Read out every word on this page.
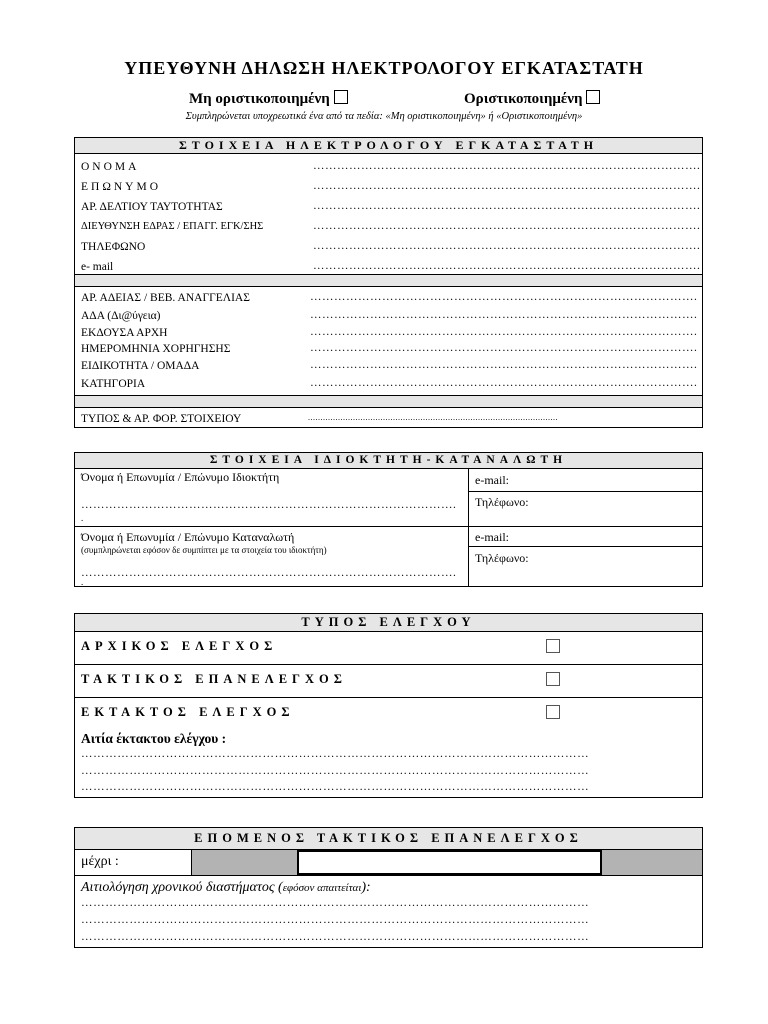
ΥΠΕΥΘΥΝΗ ΔΗΛΩΣΗ ΗΛΕΚΤΡΟΛΟΓΟΥ ΕΓΚΑΤΑΣΤΑΤΗ
Μη οριστικοποιημένη	Οριστικοποιημένη
Συμπληρώνεται υποχρεωτικά ένα από τα πεδία: «Μη οριστικοποιημένη» ή «Οριστικοποιημένη»
ΣΤΟΙΧΕΙΑ ΗΛΕΚΤΡΟΛΟΓΟΥ ΕΓΚΑΤΑΣΤΑΤΗ
ΟΝΟΜΑ	…………………………………………………………………………………….
ΕΠΩΝΥΜΟ	…………………………………………………………………………………….
ΑΡ. ΔΕΛΤΙΟΥ ΤΑΥΤΟΤΗΤΑΣ	…………………………………………………………………………………….
ΔΙΕΥΘΥΝΣΗ ΕΔΡΑΣ / ΕΠΑΓΓ. ΕΓΚ/ΣΗΣ	…………………………………………………………………………………….
ΤΗΛΕΦΩΝΟ	…………………………………………………………………………………….
e- mail	…………………………………………………………………………………….
ΑΡ. ΑΔΕΙΑΣ / ΒΕΒ. ΑΝΑΓΓΕΛΙΑΣ	…………………………………………………………………………………….
ΑΔΑ (Δι@ύγεια)	…………………………………………………………………………………….
ΕΚΔΟΥΣΑ ΑΡΧΗ	…………………………………………………………………………………….
ΗΜΕΡΟΜΗΝΙΑ ΧΟΡΗΓΗΣΗΣ	…………………………………………………………………………………….
ΕΙΔΙΚΟΤΗΤΑ / ΟΜΑΔΑ	…………………………………………………………………………………….
ΚΑΤΗΓΟΡΙΑ	…………………………………………………………………………………….
ΤΥΠΟΣ & ΑΡ. ΦΟΡ. ΣΤΟΙΧΕΙΟΥ	....................................................................................................
ΣΤΟΙΧΕΙΑ ΙΔΙΟΚΤΗΤΗ-ΚΑΤΑΝΑΛΩΤΗ
Όνομα ή Επωνυμία / Επώνυμο Ιδιοκτήτη
………………………………………………………………………………….
.
e-mail:
Τηλέφωνο:
Όνομα ή Επωνυμία / Επώνυμο Καταναλωτή
(συμπληρώνεται εφόσον δε συμπίπτει με τα στοιχεία του ιδιοκτήτη)
………………………………………………………………………………….
.
e-mail:
Τηλέφωνο:
ΤΥΠΟΣ ΕΛΕΓΧΟΥ
ΑΡΧΙΚΟΣ ΕΛΕΓΧΟΣ
ΤΑΚΤΙΚΟΣ ΕΠΑΝΕΛΕΓΧΟΣ
ΕΚΤΑΚΤΟΣ ΕΛΕΓΧΟΣ
Αιτία έκτακτου ελέγχου :
………………………………………………………………………………………………………………
………………………………………………………………………………………………………………
………………………………………………………………………………………………………………
ΕΠΟΜΕΝΟΣ ΤΑΚΤΙΚΟΣ ΕΠΑΝΕΛΕΓΧΟΣ
μέχρι :
Αιτιολόγηση χρονικού διαστήματος (εφόσον απαιτείται):
………………………………………………………………………………………………………………
………………………………………………………………………………………………………………
………………………………………………………………………………………………………………
